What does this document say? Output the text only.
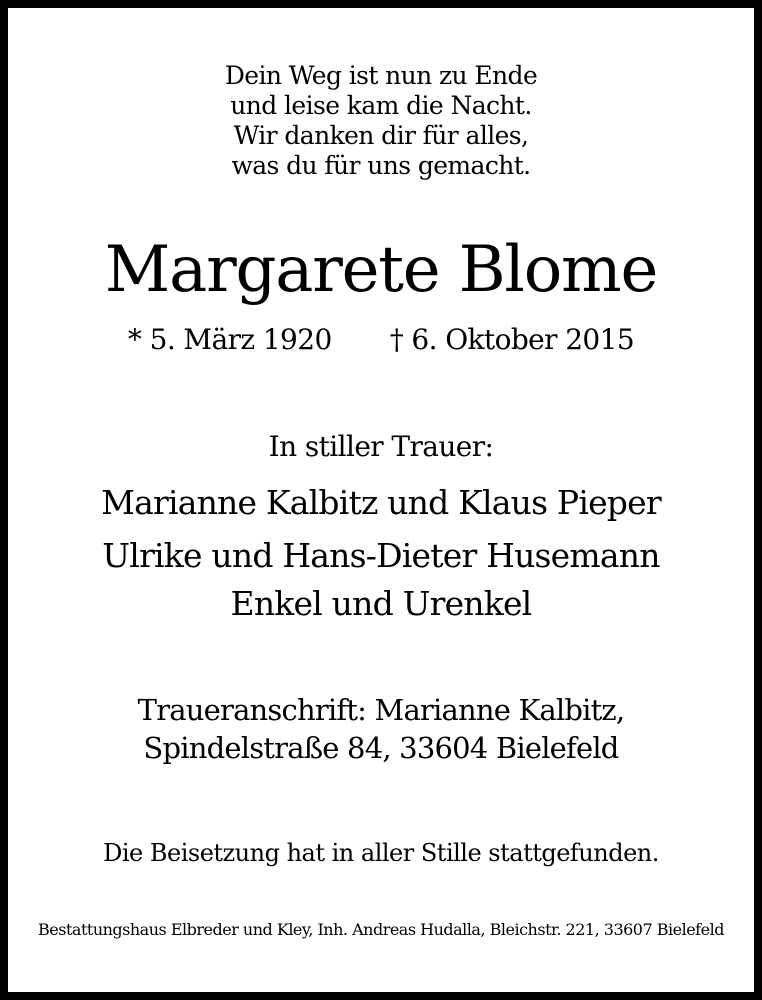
Dein Weg ist nun zu Ende
und leise kam die Nacht.
Wir danken dir für alles,
was du für uns gemacht.
Margarete Blome
* 5. März 1920 † 6. Oktober 2015
In stiller Trauer:
Marianne Kalbitz und Klaus Pieper
Ulrike und Hans-Dieter Husemann
Enkel und Urenkel
Traueranschrift: Marianne Kalbitz,
Spindelstraße 84, 33604 Bielefeld
Die Beisetzung hat in aller Stille stattgefunden.
Bestattungshaus Elbreder und Kley, Inh. Andreas Hudalla, Bleichstr. 221, 33607 Bielefeld
